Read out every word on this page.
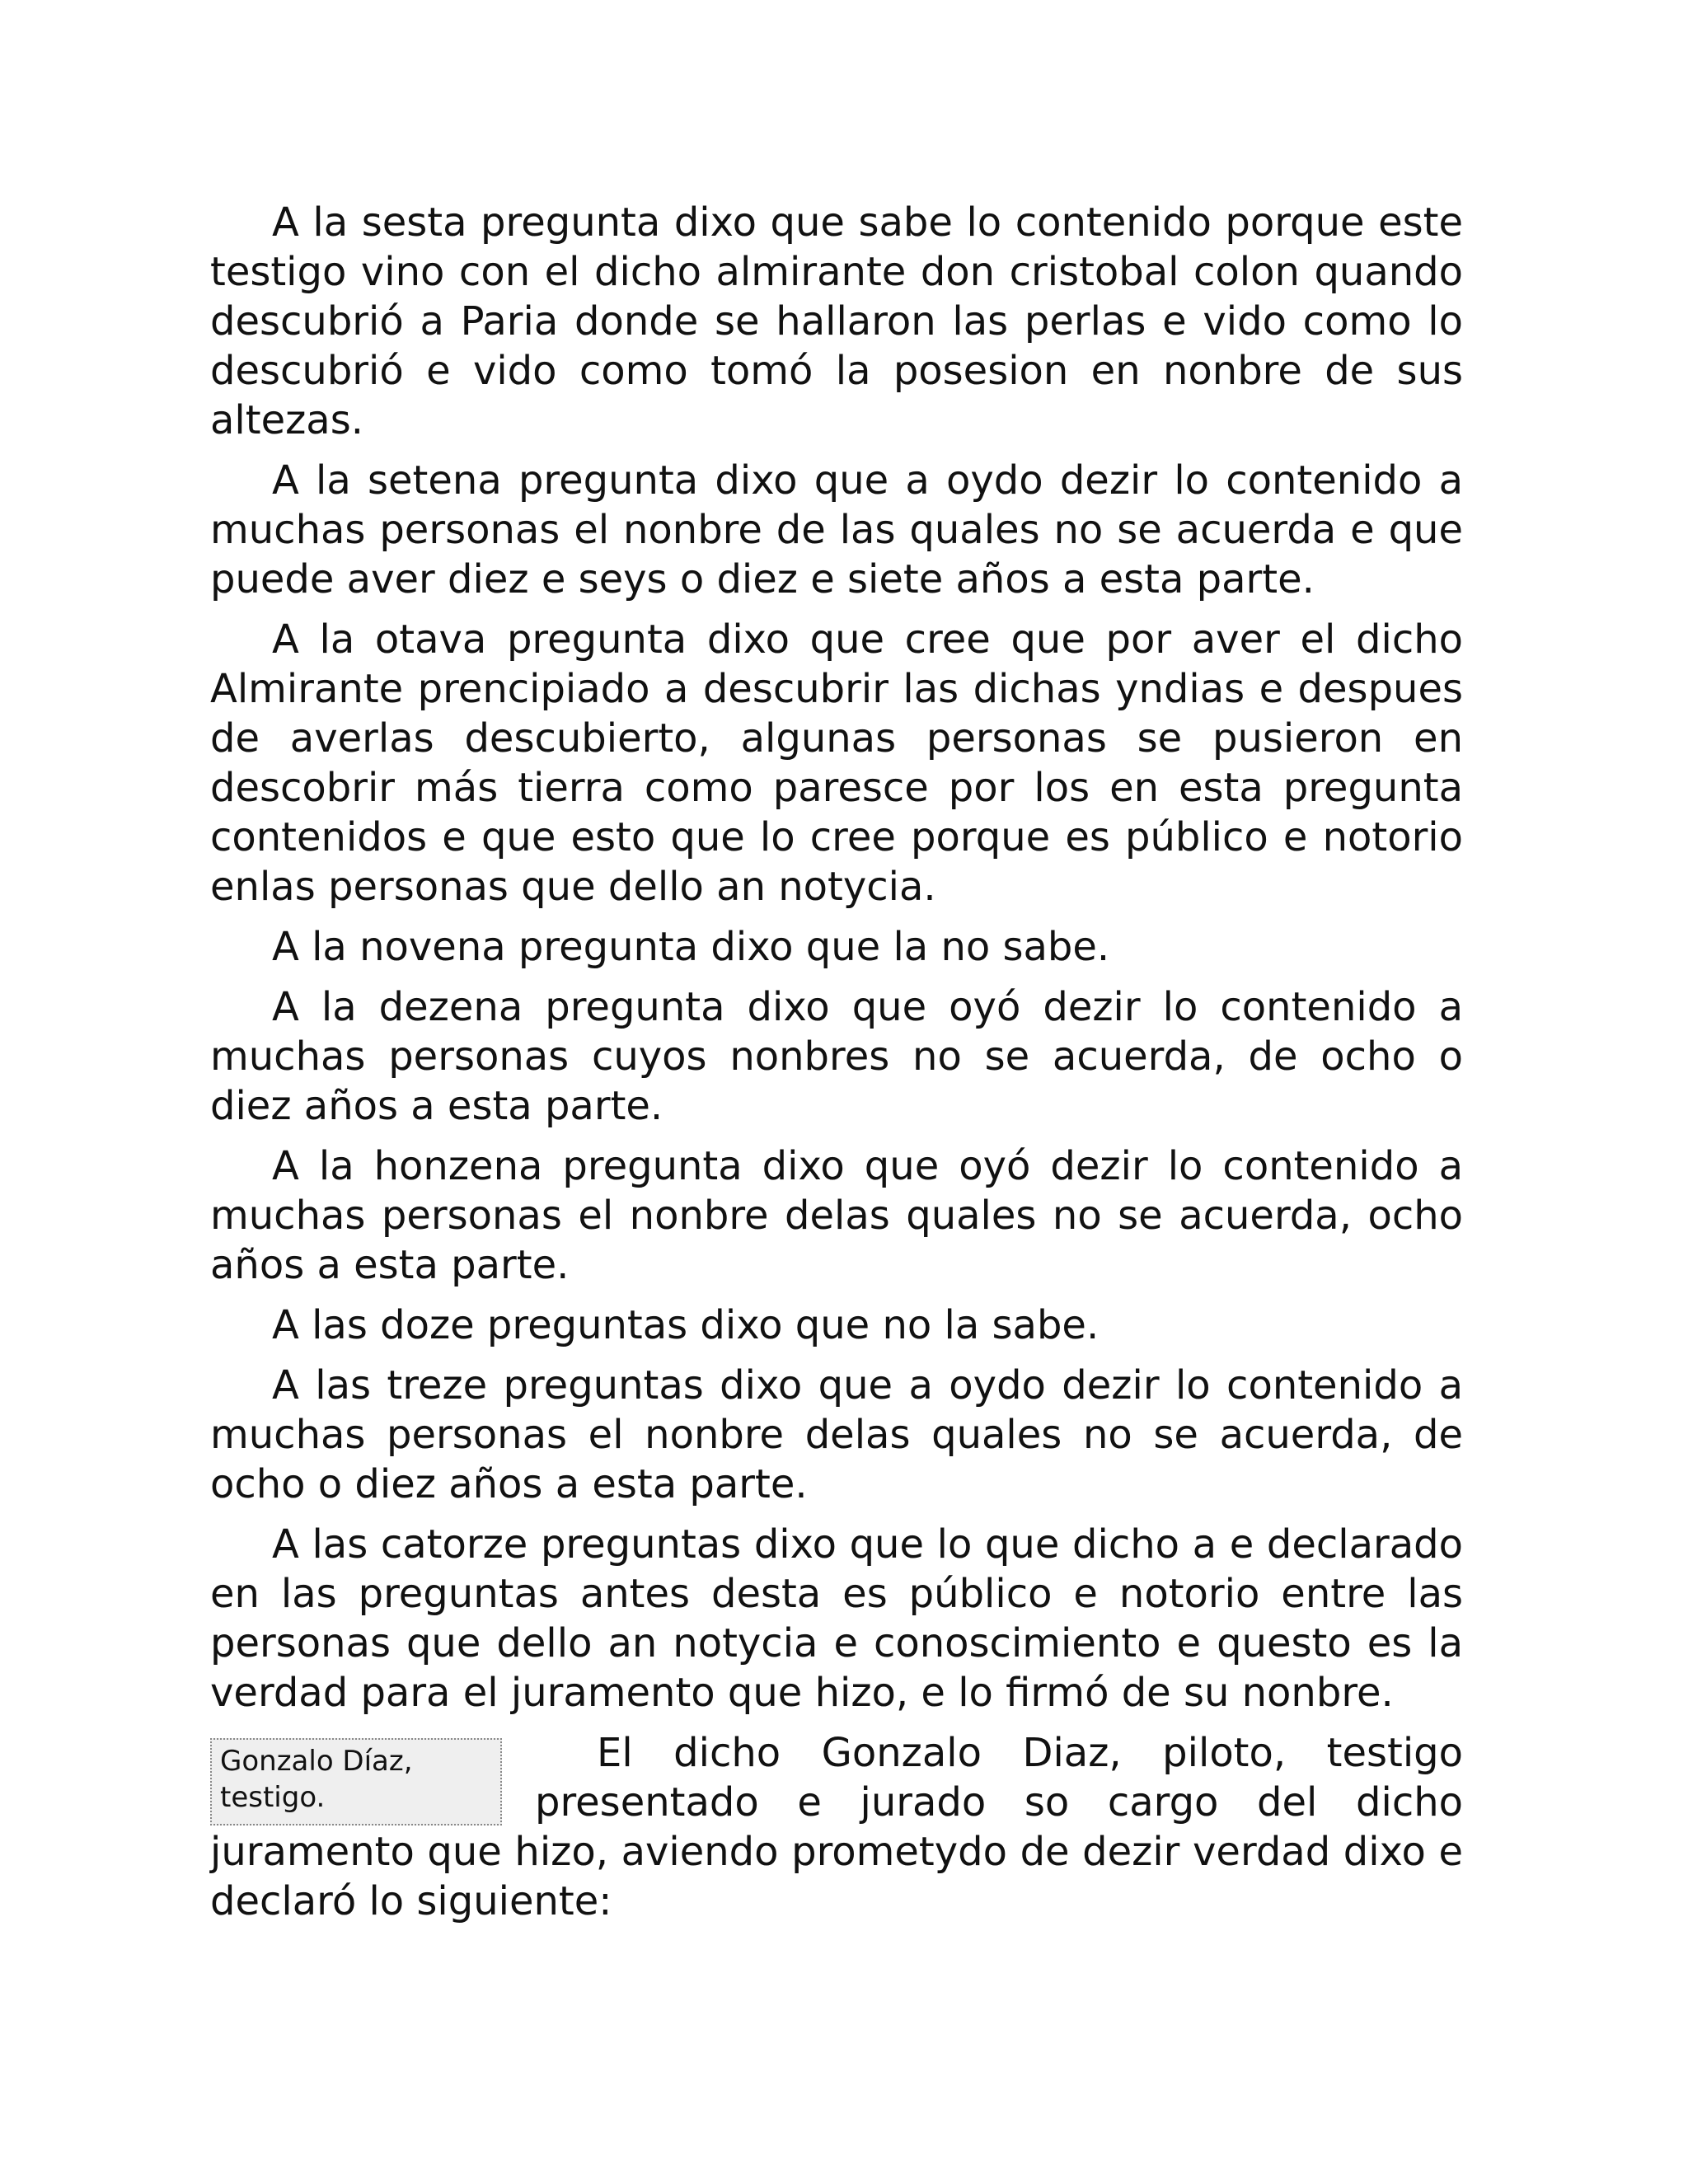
A la sesta pregunta dixo que sabe lo contenido porque este testigo vino con el dicho almirante don cristobal colon quando descubrió a Paria donde se hallaron las perlas e vido como lo descubrió e vido como tomó la posesion en nonbre de sus altezas.

A la setena pregunta dixo que a oydo dezir lo contenido a muchas personas el nonbre de las quales no se acuerda e que puede aver diez e seys o diez e siete años a esta parte.

A la otava pregunta dixo que cree que por aver el dicho Almirante prencipiado a descubrir las dichas yndias e despues de averlas descubierto, algunas personas se pusieron en descobrir más tierra como paresce por los en esta pregunta contenidos e que esto que lo cree porque es público e notorio enlas personas que dello an notycia.

A la novena pregunta dixo que la no sabe.

A la dezena pregunta dixo que oyó dezir lo contenido a muchas personas cuyos nonbres no se acuerda, de ocho o diez años a esta parte.

A la honzena pregunta dixo que oyó dezir lo contenido a muchas personas el nonbre delas quales no se acuerda, ocho años a esta parte.

A las doze preguntas dixo que no la sabe.

A las treze preguntas dixo que a oydo dezir lo contenido a muchas personas el nonbre delas quales no se acuerda, de ocho o diez años a esta parte.

A las catorze preguntas dixo que lo que dicho a e declarado en las preguntas antes desta es público e notorio entre las personas que dello an notycia e conoscimiento e questo es la verdad para el juramento que hizo, e lo firmó de su nonbre.

Gonzalo Díaz,
testigo.

El dicho Gonzalo Diaz, piloto, testigo presentado e jurado so cargo del dicho juramento que hizo, aviendo prometydo de dezir verdad dixo e declaró lo siguiente:
